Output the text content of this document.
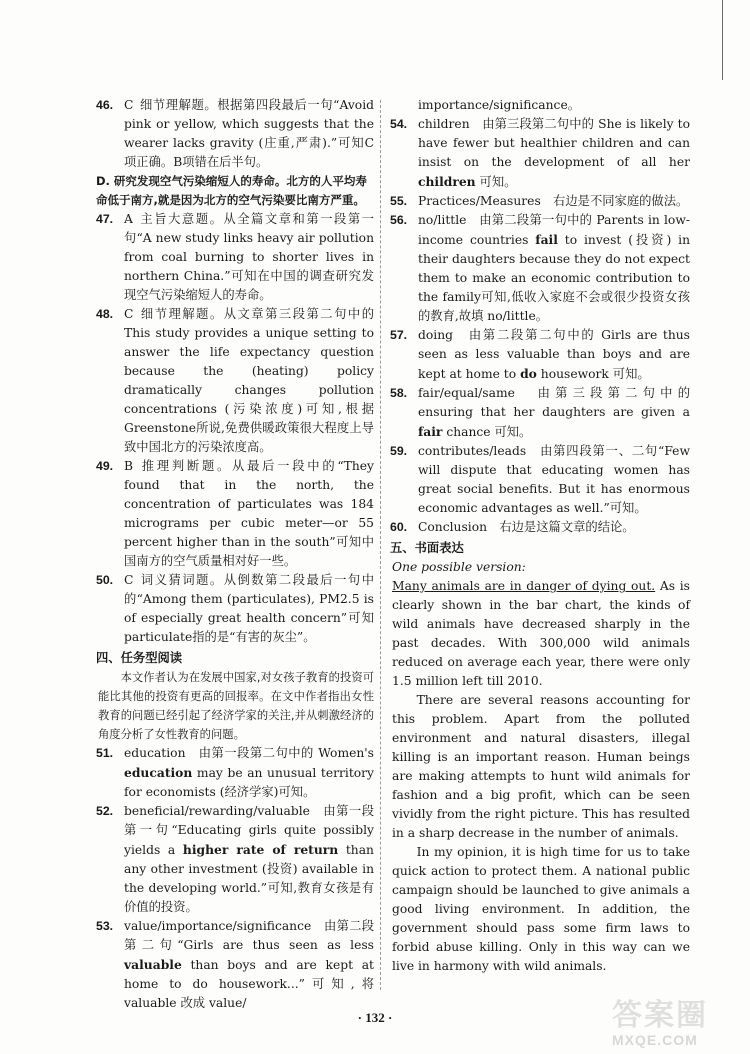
46. C 细节理解题。根据第四段最后一句“Avoid pink or yellow, which suggests that the wearer lacks gravity (庄重,严肃).”可知C项正确。B项错在后半句。
D. 研究发现空气污染缩短人的寿命。北方的人平均寿命低于南方,就是因为北方的空气污染要比南方严重。
47. A 主旨大意题。从全篇文章和第一段第一句“A new study links heavy air pollution from coal burning to shorter lives in northern China.”可知在中国的调查研究发现空气污染缩短人的寿命。
48. C 细节理解题。从文章第三段第二句中的This study provides a unique setting to answer the life expectancy question because the (heating) policy dramatically changes pollution concentrations (污染浓度)可知,根据Greenstone所说,免费供暖政策很大程度上导致中国北方的污染浓度高。
49. B 推理判断题。从最后一段中的“They found that in the north, the concentration of particulates was 184 micrograms per cubic meter—or 55 percent higher than in the south”可知中国南方的空气质量相对好一些。
50. C 词义猜词题。从倒数第二段最后一句中的“Among them (particulates), PM2.5 is of especially great health concern”可知particulate指的是“有害的灰尘”。
四、任务型阅读
本文作者认为在发展中国家,对女孩子教育的投资可能比其他的投资有更高的回报率。在文中作者指出女性教育的问题已经引起了经济学家的关注,并从刺激经济的角度分析了女性教育的问题。
51. education　由第一段第二句中的 Women's education may be an unusual territory for economists (经济学家)可知。
52. beneficial/rewarding/valuable　由第一段第一句“Educating girls quite possibly yields a higher rate of return than any other investment (投资) available in the developing world.”可知,教育女孩是有价值的投资。
53. value/importance/significance　由第二段第二句“Girls are thus seen as less valuable than boys and are kept at home to do housework...”可知,将 valuable 改成 value/
importance/significance。
54. children　由第三段第二句中的 She is likely to have fewer but healthier children and can insist on the development of all her children 可知。
55. Practices/Measures　右边是不同家庭的做法。
56. no/little　由第二段第一句中的 Parents in low-income countries fail to invest (投资) in their daughters because they do not expect them to make an economic contribution to the family可知,低收入家庭不会或很少投资女孩的教育,故填 no/little。
57. doing　由第二段第二句中的 Girls are thus seen as less valuable than boys and are kept at home to do housework 可知。
58. fair/equal/same　由第三段第二句中的ensuring that her daughters are given a fair chance 可知。
59. contributes/leads　由第四段第一、二句“Few will dispute that educating women has great social benefits. But it has enormous economic advantages as well.”可知。
60. Conclusion　右边是这篇文章的结论。
五、书面表达
One possible version:

Many animals are in danger of dying out. As is clearly shown in the bar chart, the kinds of wild animals have decreased sharply in the past decades. With 300,000 wild animals reduced on average each year, there were only 1.5 million left till 2010.

There are several reasons accounting for this problem. Apart from the polluted environment and natural disasters, illegal killing is an important reason. Human beings are making attempts to hunt wild animals for fashion and a big profit, which can be seen vividly from the right picture. This has resulted in a sharp decrease in the number of animals.

In my opinion, it is high time for us to take quick action to protect them. A national public campaign should be launched to give animals a good living environment. In addition, the government should pass some firm laws to forbid abuse killing. Only in this way can we live in harmony with wild animals.

· 132 ·	答案圈
MXQE.COM
